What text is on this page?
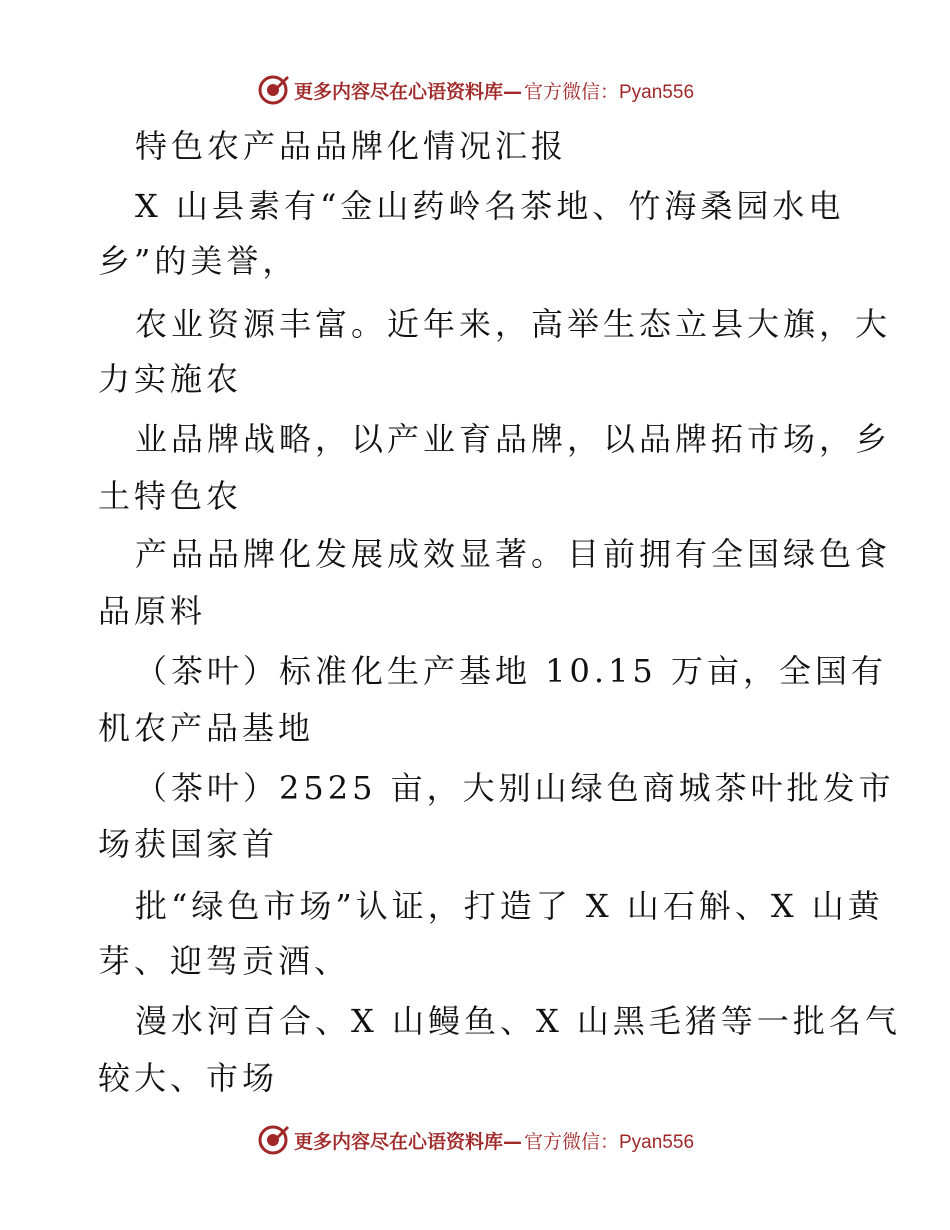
更多内容尽在心语资料库— 官方微信：Pyan556
特色农产品品牌化情况汇报
X 山县素有“金山药岭名茶地、竹海桑园水电
乡”的美誉，
农业资源丰富。近年来，高举生态立县大旗，大
力实施农
业品牌战略，以产业育品牌，以品牌拓市场，乡
土特色农
产品品牌化发展成效显著。目前拥有全国绿色食
品原料
（茶叶）标准化生产基地 10.15 万亩，全国有
机农产品基地
（茶叶）2525 亩，大别山绿色商城茶叶批发市
场获国家首
批“绿色市场”认证，打造了 X 山石斛、X 山黄
芽、迎驾贡酒、
漫水河百合、X 山鳗鱼、X 山黑毛猪等一批名气
较大、市场
更多内容尽在心语资料库— 官方微信：Pyan556
